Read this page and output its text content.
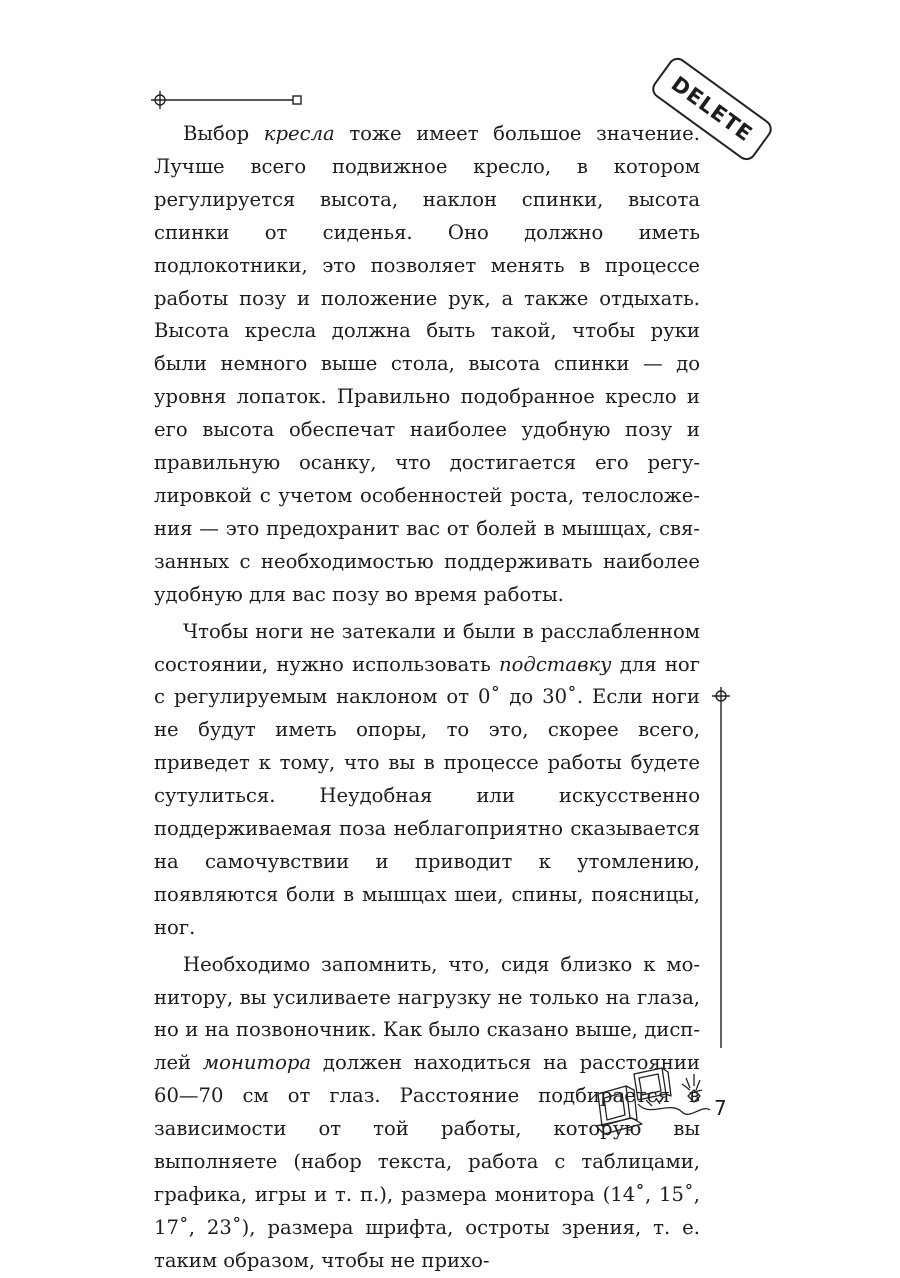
DELETE

Выбор кресла тоже имеет большое значение. Лучше всего подвижное кресло, в котором регулируется высота, наклон спинки, высота спинки от сиденья. Оно должно иметь подлокотники, это позволяет менять в процессе работы позу и положение рук, а также отдыхать. Высота кресла должна быть такой, чтобы руки были немного выше стола, высота спинки — до уровня лопаток. Правильно подобранное кресло и его высота обеспечат наиболее удобную позу и правильную осанку, что достигается его регулировкой с учетом особенностей роста, телосложения — это предохранит вас от болей в мышцах, связанных с необходимостью поддерживать наиболее удобную для вас позу во время работы.

Чтобы ноги не затекали и были в расслабленном состоянии, нужно использовать подставку для ног с регулируемым наклоном от 0˚ до 30˚. Если ноги не будут иметь опоры, то это, скорее всего, приведет к тому, что вы в процессе работы будете сутулиться. Неудобная или искусственно поддерживаемая поза неблагоприятно сказывается на самочувствии и приводит к утомлению, появляются боли в мышцах шеи, спины, поясницы, ног.

Необходимо запомнить, что, сидя близко к монитору, вы усиливаете нагрузку не только на глаза, но и на позвоночник. Как было сказано выше, дисплей монитора должен находиться на расстоянии 60—70 см от глаз. Расстояние подбирается в зависимости от той работы, которую вы выполняете (набор текста, работа с таблицами, графика, игры и т. п.), размера монитора (14˚, 15˚, 17˚, 23˚), размера шрифта, остроты зрения, т. е. таким образом, чтобы не прихо-

7
